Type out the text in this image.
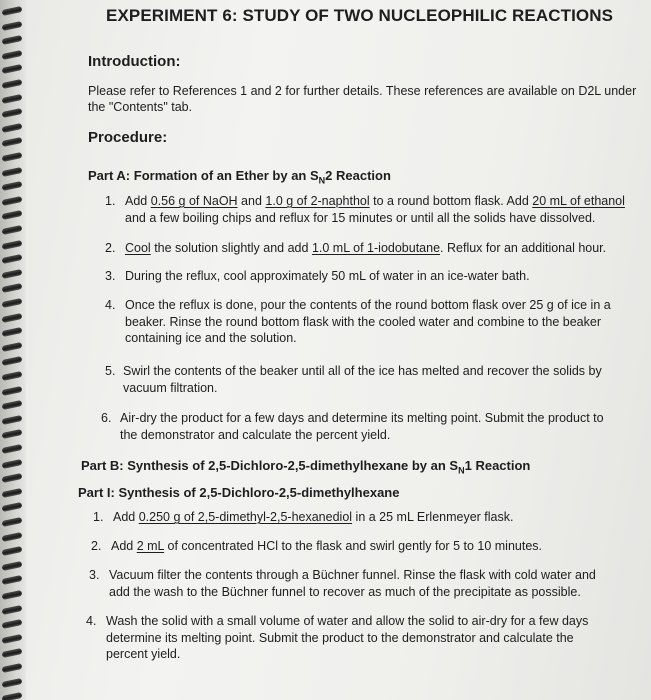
EXPERIMENT 6: STUDY OF TWO NUCLEOPHILIC REACTIONS
Introduction:
Please refer to References 1 and 2 for further details. These references are available on D2L under
the "Contents" tab.
Procedure:
Part A: Formation of an Ether by an $S_N2$ Reaction
1. Add 0.56 g of NaOH and 1.0 g of 2-naphthol to a round bottom flask. Add 20 mL of ethanol
and a few boiling chips and reflux for 15 minutes or until all the solids have dissolved.
2. Cool the solution slightly and add 1.0 mL of 1-iodobutane. Reflux for an additional hour.
3. During the reflux, cool approximately 50 mL of water in an ice-water bath.
4. Once the reflux is done, pour the contents of the round bottom flask over 25 g of ice in a
beaker. Rinse the round bottom flask with the cooled water and combine to the beaker
containing ice and the solution.
5. Swirl the contents of the beaker until all of the ice has melted and recover the solids by
vacuum filtration.
6. Air-dry the product for a few days and determine its melting point. Submit the product to
the demonstrator and calculate the percent yield.
Part B: Synthesis of 2,5-Dichloro-2,5-dimethylhexane by an $S_N1$ Reaction
Part I: Synthesis of 2,5-Dichloro-2,5-dimethylhexane
1. Add 0.250 g of 2,5-dimethyl-2,5-hexanediol in a 25 mL Erlenmeyer flask.
2. Add 2 mL of concentrated HCl to the flask and swirl gently for 5 to 10 minutes.
3. Vacuum filter the contents through a Büchner funnel. Rinse the flask with cold water and
add the wash to the Büchner funnel to recover as much of the precipitate as possible.
4. Wash the solid with a small volume of water and allow the solid to air-dry for a few days
determine its melting point. Submit the product to the demonstrator and calculate the
percent yield.
